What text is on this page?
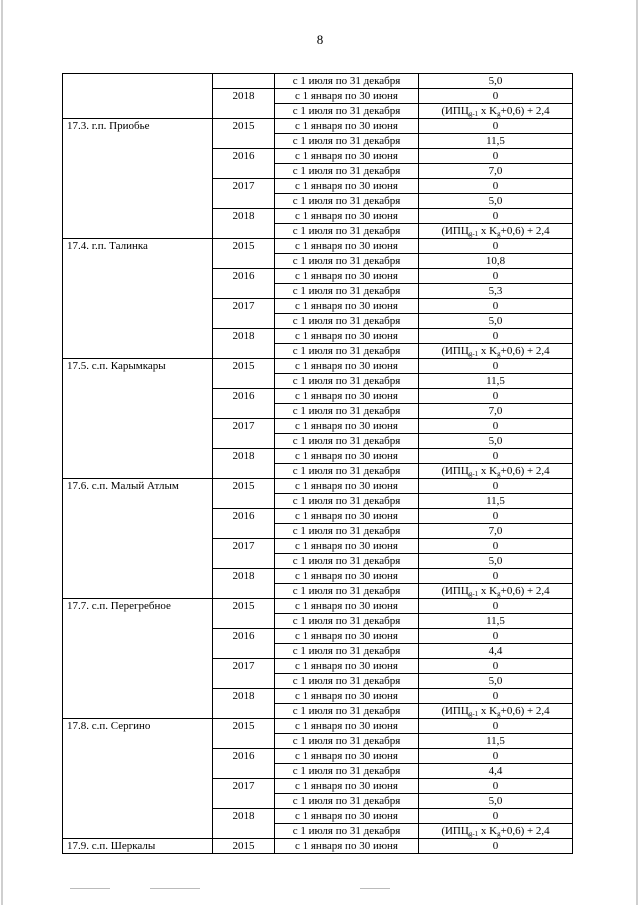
8
		с 1 июля по 31 декабря	5,0
	2018	с 1 января по 30 июня	0
		с 1 июля по 31 декабря	($ИПЦ_{g-1}$ x $K_g+0,6) + 2,4$
17.3. г.п. Приобье	2015	с 1 января по 30 июня	0
		с 1 июля по 31 декабря	11,5
	2016	с 1 января по 30 июня	0
		с 1 июля по 31 декабря	7,0
	2017	с 1 января по 30 июня	0
		с 1 июля по 31 декабря	5,0
	2018	с 1 января по 30 июня	0
		с 1 июля по 31 декабря	($ИПЦ_{g-1}$ x $K_g+0,6) + 2,4$
17.4. г.п. Талинка	2015	с 1 января по 30 июня	0
		с 1 июля по 31 декабря	10,8
	2016	с 1 января по 30 июня	0
		с 1 июля по 31 декабря	5,3
	2017	с 1 января по 30 июня	0
		с 1 июля по 31 декабря	5,0
	2018	с 1 января по 30 июня	0
		с 1 июля по 31 декабря	($ИПЦ_{g-1}$ x $K_g+0,6) + 2,4$
17.5. с.п. Карымкары	2015	с 1 января по 30 июня	0
		с 1 июля по 31 декабря	11,5
	2016	с 1 января по 30 июня	0
		с 1 июля по 31 декабря	7,0
	2017	с 1 января по 30 июня	0
		с 1 июля по 31 декабря	5,0
	2018	с 1 января по 30 июня	0
		с 1 июля по 31 декабря	($ИПЦ_{g-1}$ x $K_g+0,6) + 2,4$
17.6. с.п. Малый Атлым	2015	с 1 января по 30 июня	0
		с 1 июля по 31 декабря	11,5
	2016	с 1 января по 30 июня	0
		с 1 июля по 31 декабря	7,0
	2017	с 1 января по 30 июня	0
		с 1 июля по 31 декабря	5,0
	2018	с 1 января по 30 июня	0
		с 1 июля по 31 декабря	($ИПЦ_{g-1}$ x $K_g+0,6) + 2,4$
17.7. с.п. Перегребное	2015	с 1 января по 30 июня	0
		с 1 июля по 31 декабря	11,5
	2016	с 1 января по 30 июня	0
		с 1 июля по 31 декабря	4,4
	2017	с 1 января по 30 июня	0
		с 1 июля по 31 декабря	5,0
	2018	с 1 января по 30 июня	0
		с 1 июля по 31 декабря	($ИПЦ_{g-1}$ x $K_g+0,6) + 2,4$
17.8. с.п. Сергино	2015	с 1 января по 30 июня	0
		с 1 июля по 31 декабря	11,5
	2016	с 1 января по 30 июня	0
		с 1 июля по 31 декабря	4,4
	2017	с 1 января по 30 июня	0
		с 1 июля по 31 декабря	5,0
	2018	с 1 января по 30 июня	0
		с 1 июля по 31 декабря	($ИПЦ_{g-1}$ x $K_g+0,6) + 2,4$
17.9. с.п. Шеркалы	2015	с 1 января по 30 июня	0
